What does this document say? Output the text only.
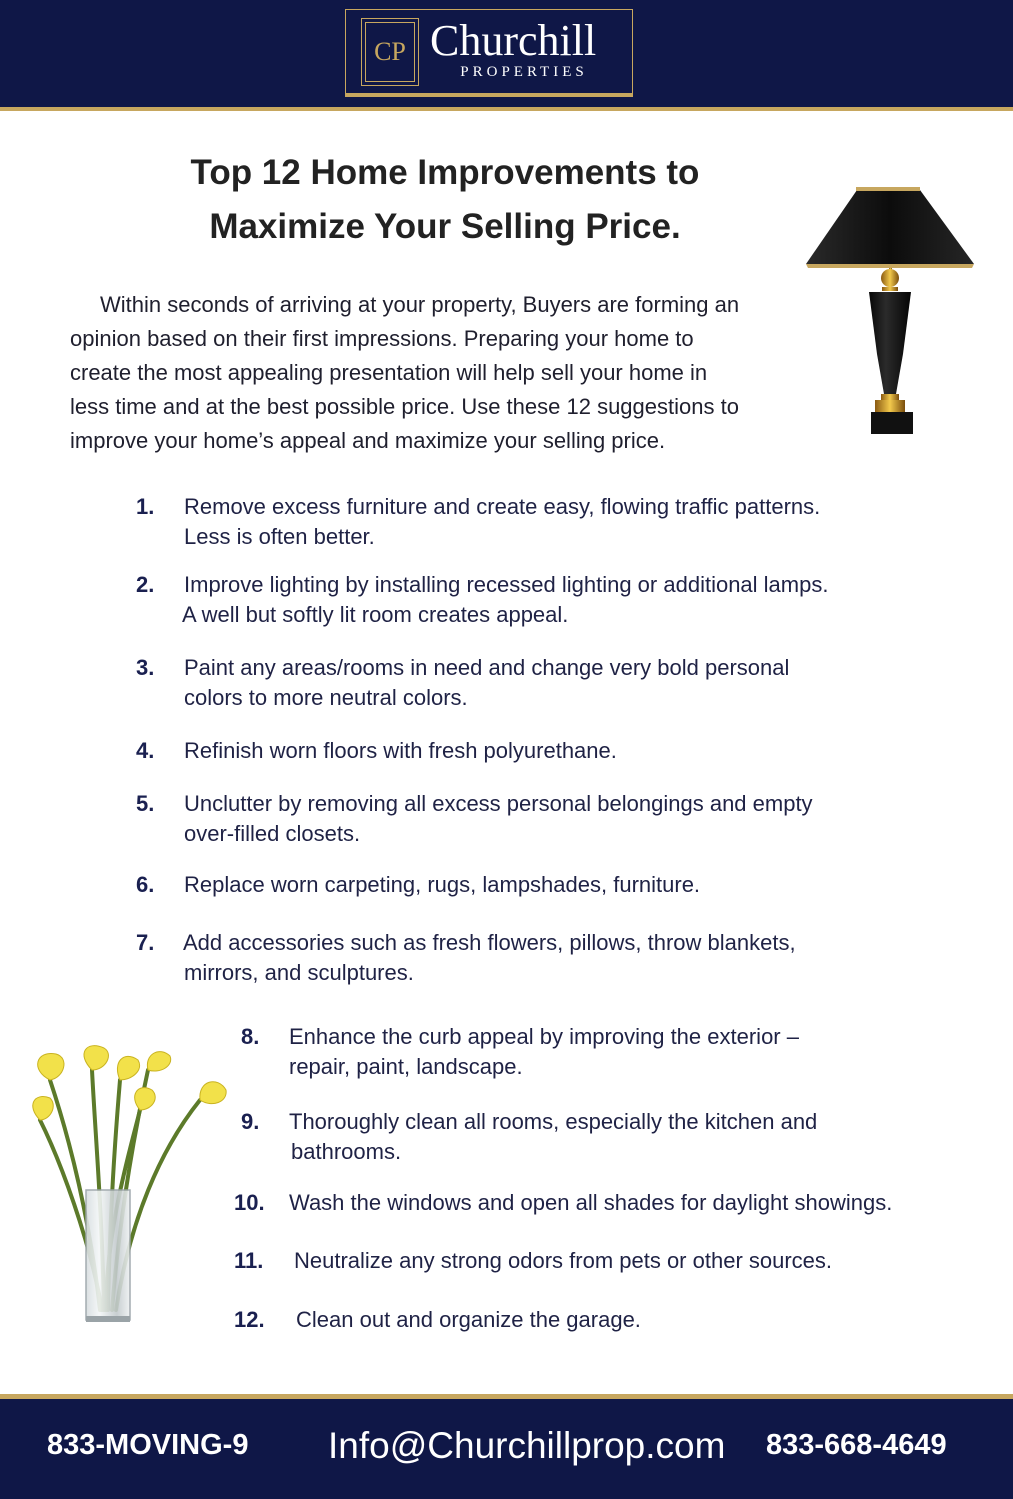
CP Churchill
PROPERTIES
Top 12 Home Improvements to
Maximize Your Selling Price.

Within seconds of arriving at your property, Buyers are forming an
opinion based on their first impressions. Preparing your home to
create the most appealing presentation will help sell your home in
less time and at the best possible price. Use these 12 suggestions to
improve your home’s appeal and maximize your selling price.

1. Remove excess furniture and create easy, flowing traffic patterns.
Less is often better.
2. Improve lighting by installing recessed lighting or additional lamps.
A well but softly lit room creates appeal.
3. Paint any areas/rooms in need and change very bold personal
colors to more neutral colors.
4. Refinish worn floors with fresh polyurethane.
5. Unclutter by removing all excess personal belongings and empty
over-filled closets.
6. Replace worn carpeting, rugs, lampshades, furniture.
7. Add accessories such as fresh flowers, pillows, throw blankets,
mirrors, and sculptures.
8. Enhance the curb appeal by improving the exterior –
repair, paint, landscape.
9. Thoroughly clean all rooms, especially the kitchen and
bathrooms.
10. Wash the windows and open all shades for daylight showings.
11. Neutralize any strong odors from pets or other sources.
12. Clean out and organize the garage.
833-MOVING-9 Info@Churchillprop.com 833-668-4649
